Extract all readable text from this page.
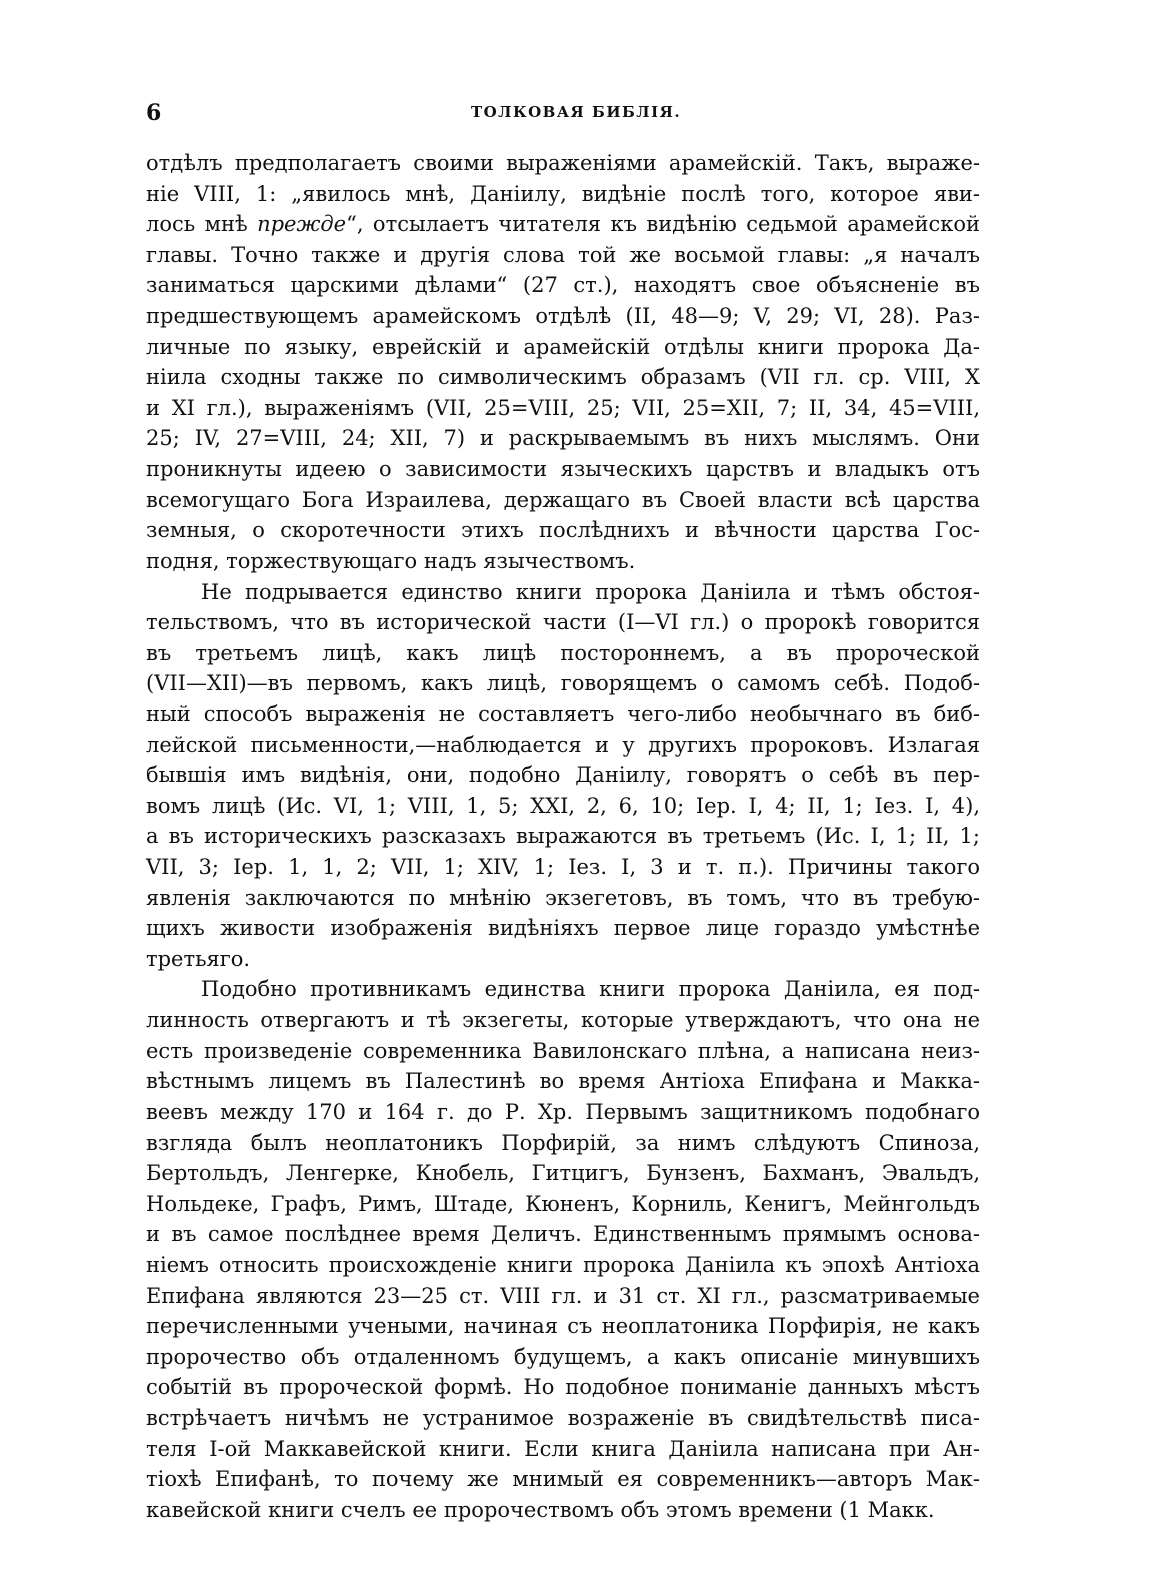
6	ТОЛКОВАЯ БИБЛІЯ.
отдѣлъ предполагаетъ своими выраженіями арамейскій. Такъ, выраже-
ніе VIII, 1: „явилось мнѣ, Даніилу, видѣніе послѣ того, которое яви-
лось мнѣ прежде“, отсылаетъ читателя къ видѣнію седьмой арамейской
главы. Точно также и другія слова той же восьмой главы: „я началъ
заниматься царскими дѣлами“ (27 ст.), находятъ свое объясненіе въ
предшествующемъ арамейскомъ отдѣлѣ (II, 48—9; V, 29; VI, 28). Раз-
личные по языку, еврейскій и арамейскій отдѣлы книги пророка Да-
ніила сходны также по символическимъ образамъ (VII гл. ср. VIII, X
и XI гл.), выраженіямъ (VII, 25=VIII, 25; VII, 25=XII, 7; II, 34, 45=VIII,
25; IV, 27=VIII, 24; XII, 7) и раскрываемымъ въ нихъ мыслямъ. Они
проникнуты идеею о зависимости языческихъ царствъ и владыкъ отъ
всемогущаго Бога Израилева, держащаго въ Своей власти всѣ царства
земныя, о скоротечности этихъ послѣднихъ и вѣчности царства Гос-
подня, торжествующаго надъ язычествомъ.
Не подрывается единство книги пророка Даніила и тѣмъ обстоя-
тельствомъ, что въ исторической части (I—VI гл.) о пророкѣ говорится
въ третьемъ лицѣ, какъ лицѣ постороннемъ, а въ пророческой
(VII—XII)—въ первомъ, какъ лицѣ, говорящемъ о самомъ себѣ. Подоб-
ный способъ выраженія не составляетъ чего-либо необычнаго въ биб-
лейской письменности,—наблюдается и у другихъ пророковъ. Излагая
бывшія имъ видѣнія, они, подобно Даніилу, говорятъ о себѣ въ пер-
вомъ лицѣ (Ис. VI, 1; VIII, 1, 5; XXI, 2, 6, 10; Іер. I, 4; II, 1; Іез. I, 4),
а въ историческихъ разсказахъ выражаются въ третьемъ (Ис. I, 1; II, 1;
VII, 3; Іер. 1, 1, 2; VII, 1; XIV, 1; Іез. I, 3 и т. п.). Причины такого
явленія заключаются по мнѣнію экзегетовъ, въ томъ, что въ требую-
щихъ живости изображенія видѣніяхъ первое лице гораздо умѣстнѣе
третьяго.
Подобно противникамъ единства книги пророка Даніила, ея под-
линность отвергаютъ и тѣ экзегеты, которые утверждаютъ, что она не
есть произведеніе современника Вавилонскаго плѣна, а написана неиз-
вѣстнымъ лицемъ въ Палестинѣ во время Антіоха Епифана и Макка-
веевъ между 170 и 164 г. до Р. Хр. Первымъ защитникомъ подобнаго
взгляда былъ неоплатоникъ Порфирій, за нимъ слѣдуютъ Спиноза,
Бертольдъ, Ленгерке, Кнобель, Гитцигъ, Бунзенъ, Бахманъ, Эвальдъ,
Нольдеке, Графъ, Римъ, Штаде, Кюненъ, Корниль, Кенигъ, Мейнгольдъ
и въ самое послѣднее время Деличъ. Единственнымъ прямымъ основа-
ніемъ относить происхожденіе книги пророка Даніила къ эпохѣ Антіоха
Епифана являются 23—25 ст. VIII гл. и 31 ст. XI гл., разсматриваемые
перечисленными учеными, начиная съ неоплатоника Порфирія, не какъ
пророчество объ отдаленномъ будущемъ, а какъ описаніе минувшихъ
событій въ пророческой формѣ. Но подобное пониманіе данныхъ мѣстъ
встрѣчаетъ ничѣмъ не устранимое возраженіе въ свидѣтельствѣ писа-
теля I-ой Маккавейской книги. Если книга Даніила написана при Ан-
тіохѣ Епифанѣ, то почему же мнимый ея современникъ—авторъ Мак-
кавейской книги счелъ ее пророчествомъ объ этомъ времени (1 Макк.
